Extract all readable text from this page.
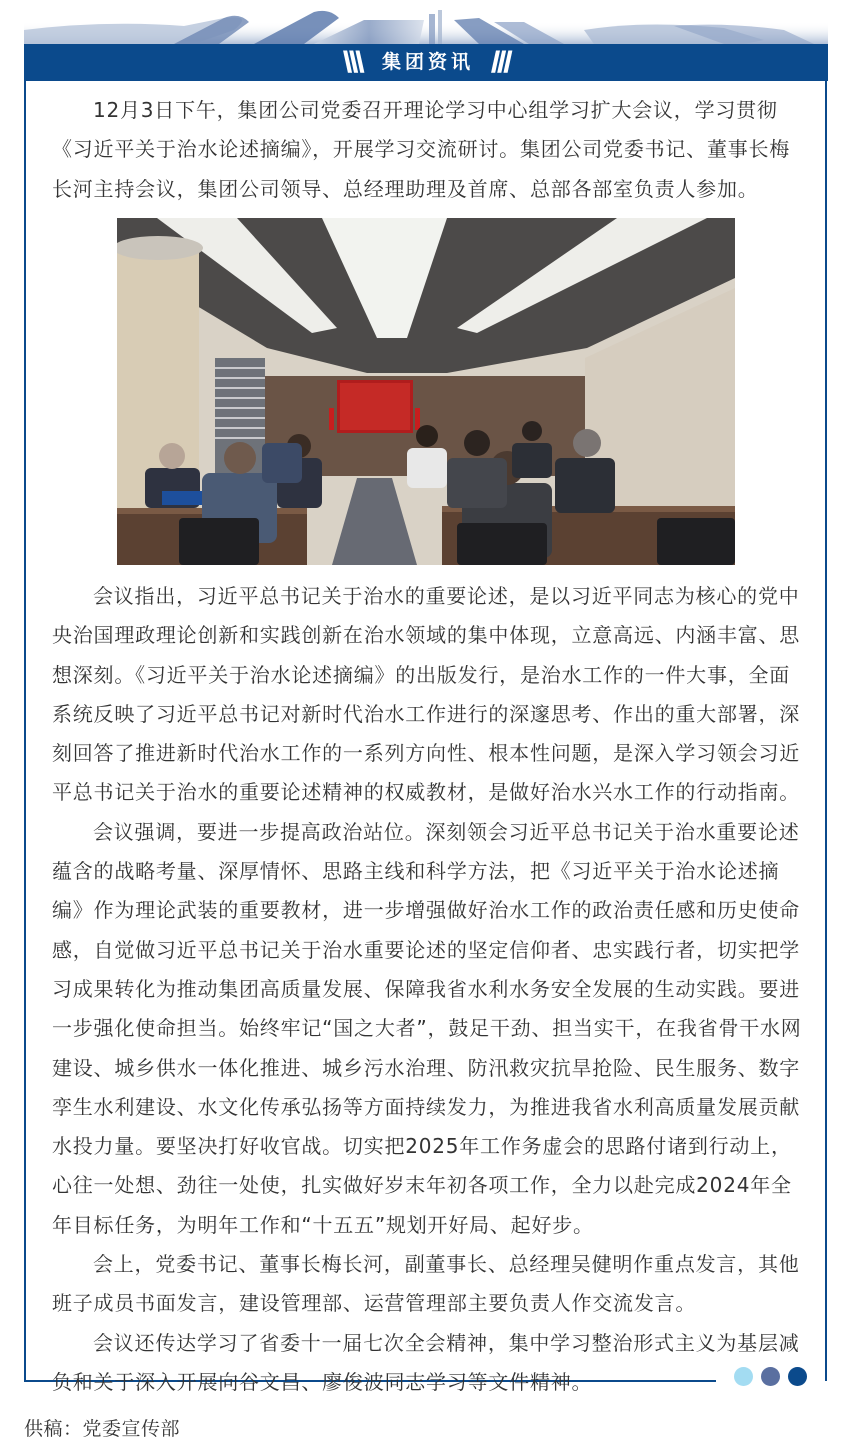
\\\ 集团资讯 ///
12月3日下午，集团公司党委召开理论学习中心组学习扩大会议，学习贯彻
《习近平关于治水论述摘编》，开展学习交流研讨。集团公司党委书记、董事长梅
长河主持会议，集团公司领导、总经理助理及首席、总部各部室负责人参加。
会议指出，习近平总书记关于治水的重要论述，是以习近平同志为核心的党中
央治国理政理论创新和实践创新在治水领域的集中体现，立意高远、内涵丰富、思
想深刻。《习近平关于治水论述摘编》的出版发行，是治水工作的一件大事，全面
系统反映了习近平总书记对新时代治水工作进行的深邃思考、作出的重大部署，深
刻回答了推进新时代治水工作的一系列方向性、根本性问题，是深入学习领会习近
平总书记关于治水的重要论述精神的权威教材，是做好治水兴水工作的行动指南。
会议强调，要进一步提高政治站位。深刻领会习近平总书记关于治水重要论述
蕴含的战略考量、深厚情怀、思路主线和科学方法，把《习近平关于治水论述摘
编》作为理论武装的重要教材，进一步增强做好治水工作的政治责任感和历史使命
感，自觉做习近平总书记关于治水重要论述的坚定信仰者、忠实践行者，切实把学
习成果转化为推动集团高质量发展、保障我省水利水务安全发展的生动实践。要进
一步强化使命担当。始终牢记“国之大者”，鼓足干劲、担当实干，在我省骨干水网
建设、城乡供水一体化推进、城乡污水治理、防汛救灾抗旱抢险、民生服务、数字
孪生水利建设、水文化传承弘扬等方面持续发力，为推进我省水利高质量发展贡献
水投力量。要坚决打好收官战。切实把2025年工作务虚会的思路付诸到行动上，
心往一处想、劲往一处使，扎实做好岁末年初各项工作，全力以赴完成2024年全
年目标任务，为明年工作和“十五五”规划开好局、起好步。
会上，党委书记、董事长梅长河，副董事长、总经理吴健明作重点发言，其他
班子成员书面发言，建设管理部、运营管理部主要负责人作交流发言。
会议还传达学习了省委十一届七次全会精神，集中学习整治形式主义为基层减
负和关于深入开展向谷文昌、廖俊波同志学习等文件精神。
供稿：党委宣传部
